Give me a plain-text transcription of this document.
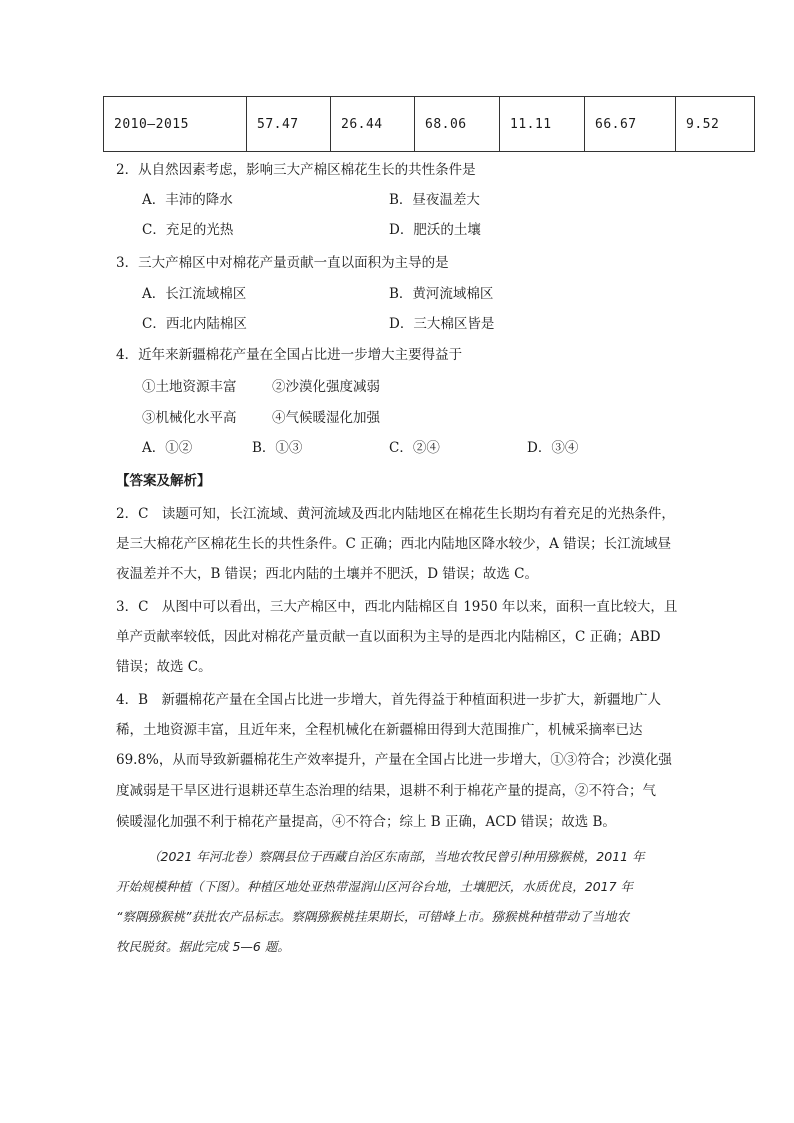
2010—2015	57.47	26.44	68.06	11.11	66.67	9.52
2．从自然因素考虑，影响三大产棉区棉花生长的共性条件是
A．丰沛的降水	B．昼夜温差大
C．充足的光热	D．肥沃的土壤
3．三大产棉区中对棉花产量贡献一直以面积为主导的是
A．长江流域棉区	B．黄河流域棉区
C．西北内陆棉区	D．三大棉区皆是
4．近年来新疆棉花产量在全国占比进一步增大主要得益于
①土地资源丰富	②沙漠化强度减弱
③机械化水平高	④气候暖湿化加强
A．①②	B．①③	C．②④	D．③④
【答案及解析】
2．C　读题可知，长江流域、黄河流域及西北内陆地区在棉花生长期均有着充足的光热条件，
是三大棉花产区棉花生长的共性条件。C 正确；西北内陆地区降水较少，A 错误；长江流域昼
夜温差并不大，B 错误；西北内陆的土壤并不肥沃，D 错误；故选 C。
3．C　从图中可以看出，三大产棉区中，西北内陆棉区自 1950 年以来，面积一直比较大，且
单产贡献率较低，因此对棉花产量贡献一直以面积为主导的是西北内陆棉区，C 正确；ABD
错误；故选 C。
4．B　新疆棉花产量在全国占比进一步增大，首先得益于种植面积进一步扩大，新疆地广人
稀，土地资源丰富，且近年来，全程机械化在新疆棉田得到大范围推广，机械采摘率已达
69.8%，从而导致新疆棉花生产效率提升，产量在全国占比进一步增大，①③符合；沙漠化强
度减弱是干旱区进行退耕还草生态治理的结果，退耕不利于棉花产量的提高，②不符合；气
候暖湿化加强不利于棉花产量提高，④不符合；综上 B 正确，ACD 错误；故选 B。
（2021 年河北卷）察隅县位于西藏自治区东南部，当地农牧民曾引种用猕猴桃，2011 年
开始规模种植（下图）。种植区地处亚热带湿润山区河谷台地，土壤肥沃，水质优良，2017 年
“察隅猕猴桃”获批农产品标志。察隅猕猴桃挂果期长，可错峰上市。猕猴桃种植带动了当地农
牧民脱贫。据此完成 5—6 题。
